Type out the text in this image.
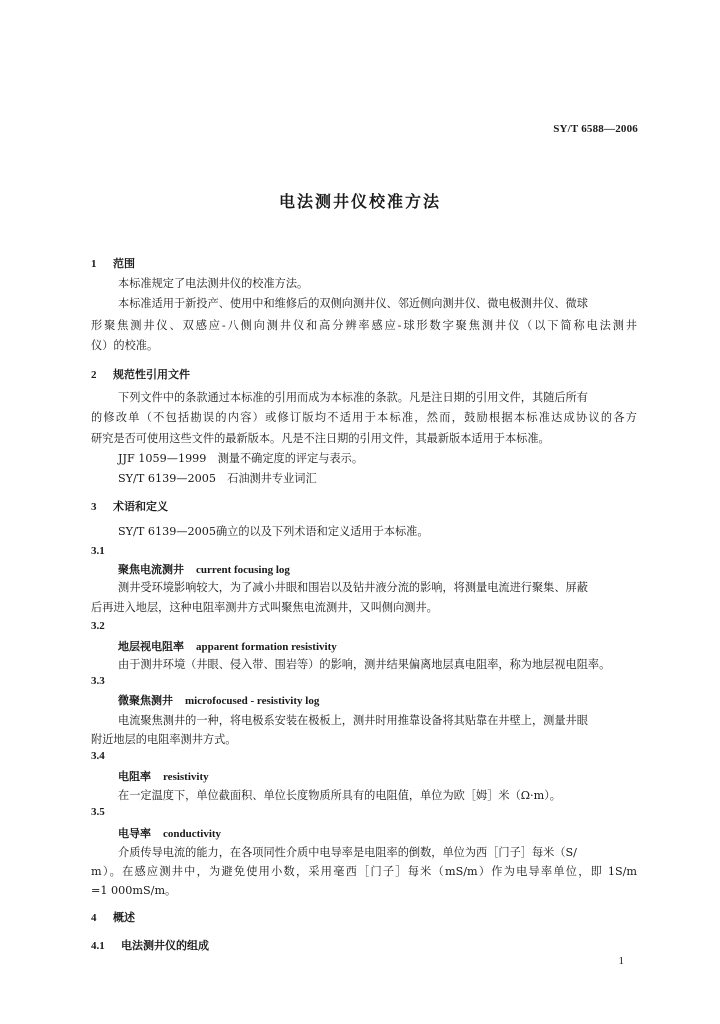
SY/T 6588—2006
电法测井仪校准方法
1 范围
本标准规定了电法测井仪的校准方法。
本标准适用于新投产、使用中和维修后的双侧向测井仪、邻近侧向测井仪、微电极测井仪、微球
形聚焦测井仪、双感应-八侧向测井仪和高分辨率感应-球形数字聚焦测井仪（以下简称电法测井
仪）的校准。
2 规范性引用文件
下列文件中的条款通过本标准的引用而成为本标准的条款。凡是注日期的引用文件，其随后所有
的修改单（不包括勘误的内容）或修订版均不适用于本标准，然而，鼓励根据本标准达成协议的各方
研究是否可使用这些文件的最新版本。凡是不注日期的引用文件，其最新版本适用于本标准。
JJF 1059—1999　测量不确定度的评定与表示。
SY/T 6139—2005　石油测井专业词汇
3 术语和定义
SY/T 6139—2005确立的以及下列术语和定义适用于本标准。
3.1
聚焦电流测井 current focusing log
测井受环境影响较大，为了减小井眼和围岩以及钻井液分流的影响，将测量电流进行聚集、屏蔽
后再进入地层，这种电阻率测井方式叫聚焦电流测井，又叫侧向测井。
3.2
地层视电阻率 apparent formation resistivity
由于测井环境（井眼、侵入带、围岩等）的影响，测井结果偏离地层真电阻率，称为地层视电阻率。
3.3
微聚焦测井 microfocused - resistivity log
电流聚焦测井的一种，将电极系安装在极板上，测井时用推靠设备将其贴靠在井壁上，测量井眼
附近地层的电阻率测井方式。
3.4
电阻率 resistivity
在一定温度下，单位截面积、单位长度物质所具有的电阻值，单位为欧［姆］米（Ω·m）。
3.5
电导率 conductivity
介质传导电流的能力，在各项同性介质中电导率是电阻率的倒数，单位为西［门子］每米（S/
m）。在感应测井中，为避免使用小数，采用毫西［门子］每米（mS/m）作为电导率单位，即 1S/m
=1 000mS/m。
4 概述
4.1 电法测井仪的组成
1
